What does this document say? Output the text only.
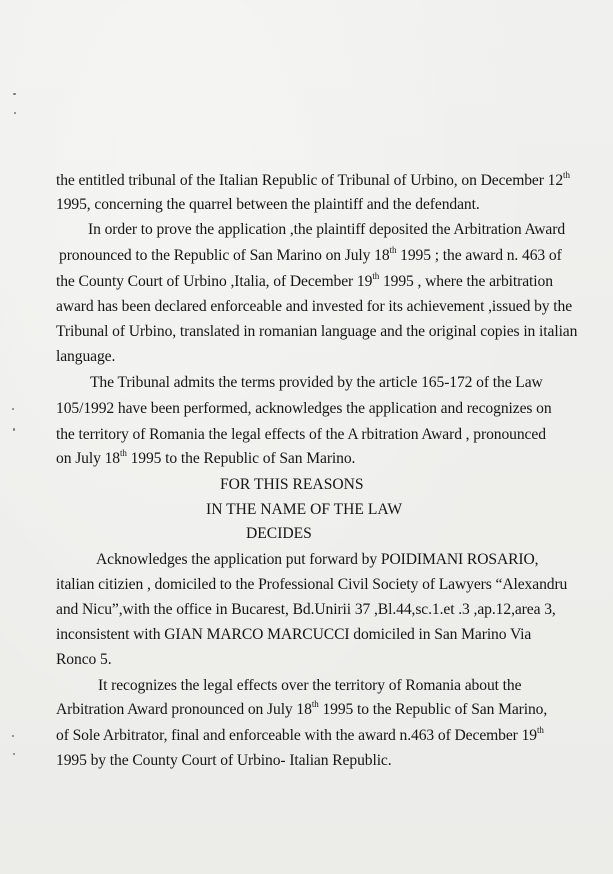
the entitled tribunal of the Italian Republic of Tribunal of Urbino, on December 12th
1995, concerning the quarrel between the plaintiff and the defendant.
In order to prove the application ,the plaintiff deposited the Arbitration Award
pronounced to the Republic of San Marino on July 18th 1995 ; the award n. 463 of
the County Court of Urbino ,Italia, of December 19th 1995 , where the arbitration
award has been declared enforceable and invested for its achievement ,issued by the
Tribunal of Urbino, translated in romanian language and the original copies in italian
language.
The Tribunal admits the terms provided by the article 165-172 of the Law
105/1992 have been performed, acknowledges the application and recognizes on
the territory of Romania the legal effects of the A rbitration Award , pronounced
on July 18th 1995 to the Republic of San Marino.
FOR THIS REASONS
IN THE NAME OF THE LAW
DECIDES
Acknowledges the application put forward by POIDIMANI ROSARIO,
italian citizien , domiciled to the Professional Civil Society of Lawyers “Alexandru
and Nicu”,with the office in Bucarest, Bd.Unirii 37 ,Bl.44,sc.1.et .3 ,ap.12,area 3,
inconsistent with GIAN MARCO MARCUCCI domiciled in San Marino Via
Ronco 5.
It recognizes the legal effects over the territory of Romania about the
Arbitration Award pronounced on July 18th 1995 to the Republic of San Marino,
of Sole Arbitrator, final and enforceable with the award n.463 of December 19th
1995 by the County Court of Urbino- Italian Republic.
